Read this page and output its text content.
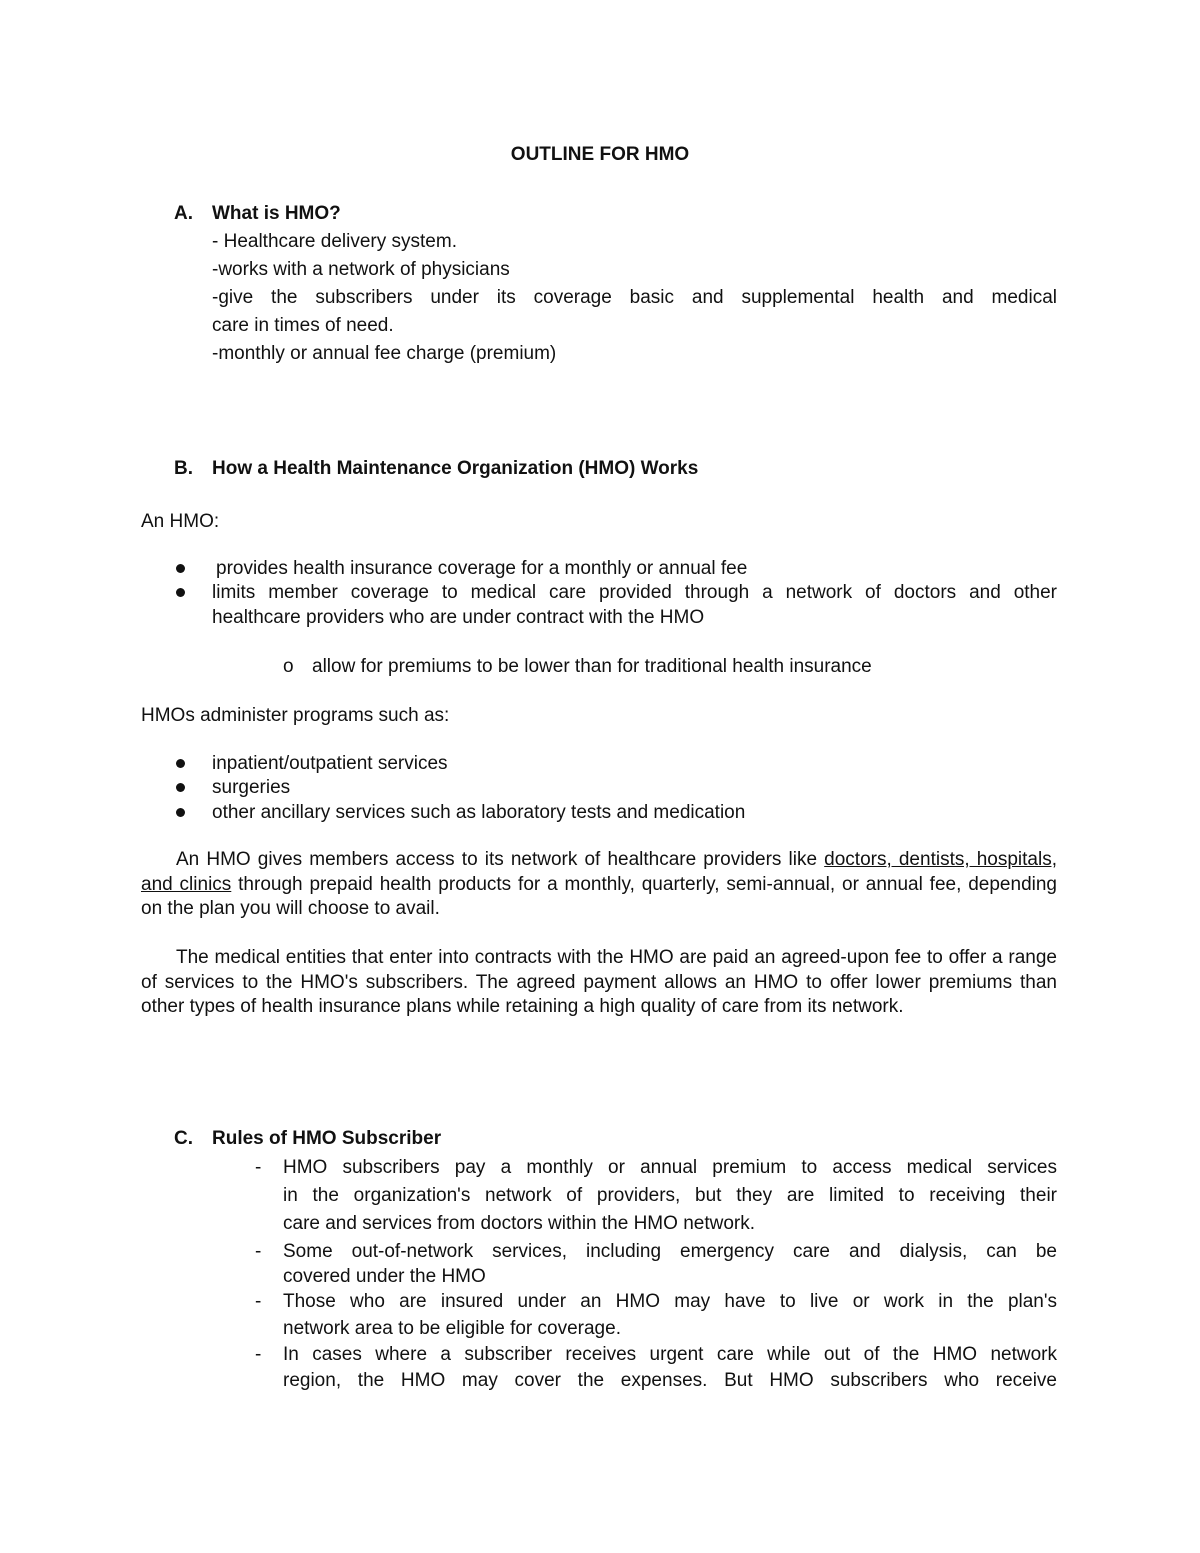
OUTLINE FOR HMO
A. What is HMO?
- Healthcare delivery system.
-works with a network of physicians
-give the subscribers under its coverage basic and supplemental health and medical
care in times of need.
-monthly or annual fee charge (premium)
B. How a Health Maintenance Organization (HMO) Works
An HMO:
provides health insurance coverage for a monthly or annual fee
limits member coverage to medical care provided through a network of doctors and other
healthcare providers who are under contract with the HMO
o allow for premiums to be lower than for traditional health insurance
HMOs administer programs such as:
inpatient/outpatient services
surgeries
other ancillary services such as laboratory tests and medication
An HMO gives members access to its network of healthcare providers like doctors, dentists, hospitals, and clinics through prepaid health products for a monthly, quarterly, semi-annual, or annual fee, depending on the plan you will choose to avail.
The medical entities that enter into contracts with the HMO are paid an agreed-upon fee to offer a range of services to the HMO's subscribers. The agreed payment allows an HMO to offer lower premiums than other types of health insurance plans while retaining a high quality of care from its network.
C. Rules of HMO Subscriber
- HMO subscribers pay a monthly or annual premium to access medical services
in the organization's network of providers, but they are limited to receiving their
care and services from doctors within the HMO network.
- Some out-of-network services, including emergency care and dialysis, can be
covered under the HMO
- Those who are insured under an HMO may have to live or work in the plan's
network area to be eligible for coverage.
- In cases where a subscriber receives urgent care while out of the HMO network
region, the HMO may cover the expenses. But HMO subscribers who receive
